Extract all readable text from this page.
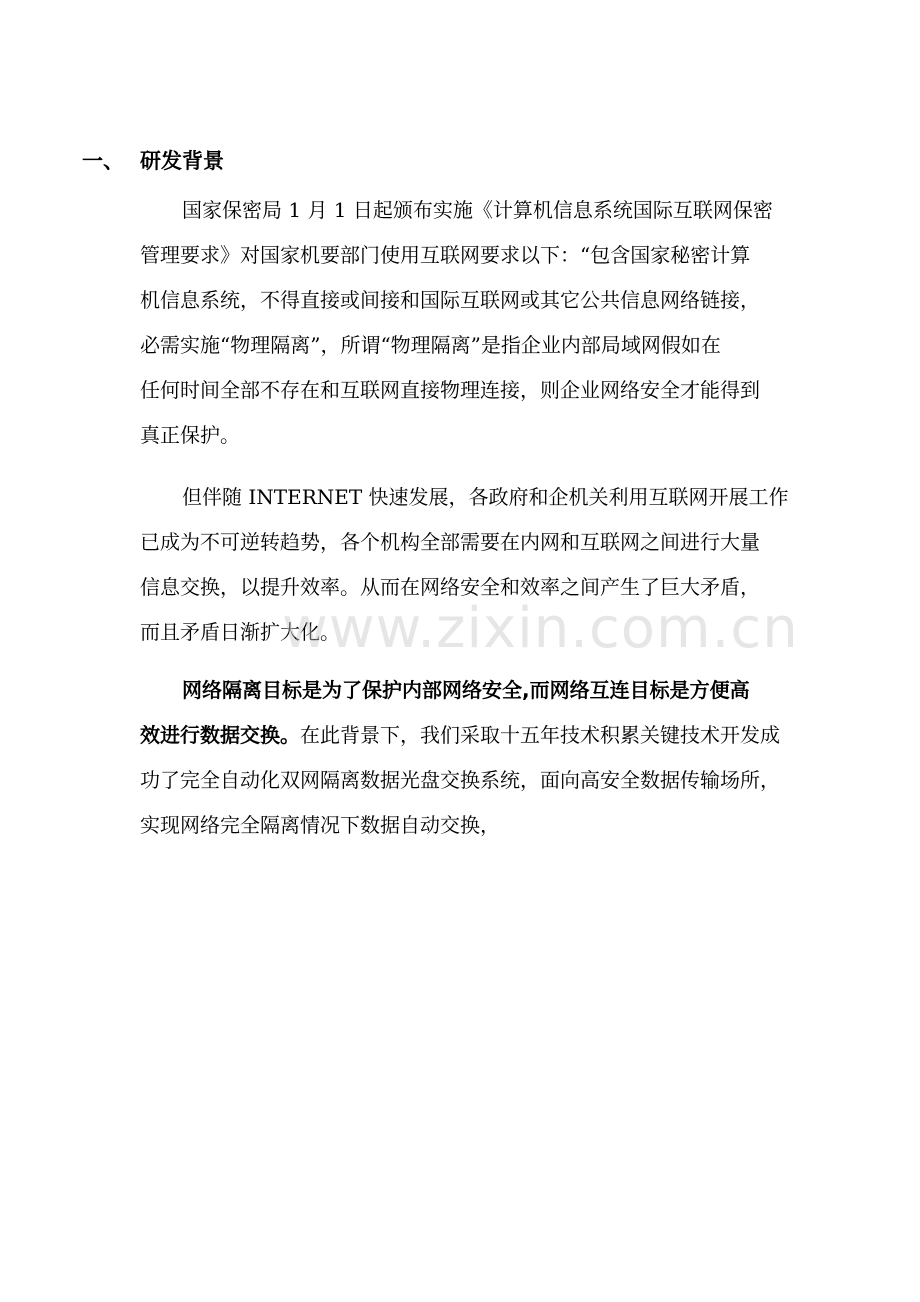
一、 研发背景
国家保密局 1 月 1 日起颁布实施《计算机信息系统国际互联网保密
管理要求》对国家机要部门使用互联网要求以下：“包含国家秘密计算
机信息系统，不得直接或间接和国际互联网或其它公共信息网络链接，
必需实施“物理隔离”，所谓“物理隔离”是指企业内部局域网假如在
任何时间全部不存在和互联网直接物理连接，则企业网络安全才能得到
真正保护。
但伴随 INTERNET 快速发展，各政府和企机关利用互联网开展工作
已成为不可逆转趋势，各个机构全部需要在内网和互联网之间进行大量
信息交换，以提升效率。从而在网络安全和效率之间产生了巨大矛盾，
而且矛盾日渐扩大化。
网络隔离目标是为了保护内部网络安全,而网络互连目标是方便高
效进行数据交换。在此背景下，我们采取十五年技术积累关键技术开发成
功了完全自动化双网隔离数据光盘交换系统，面向高安全数据传输场所，
实现网络完全隔离情况下数据自动交换，
www.zixin.com.cn
